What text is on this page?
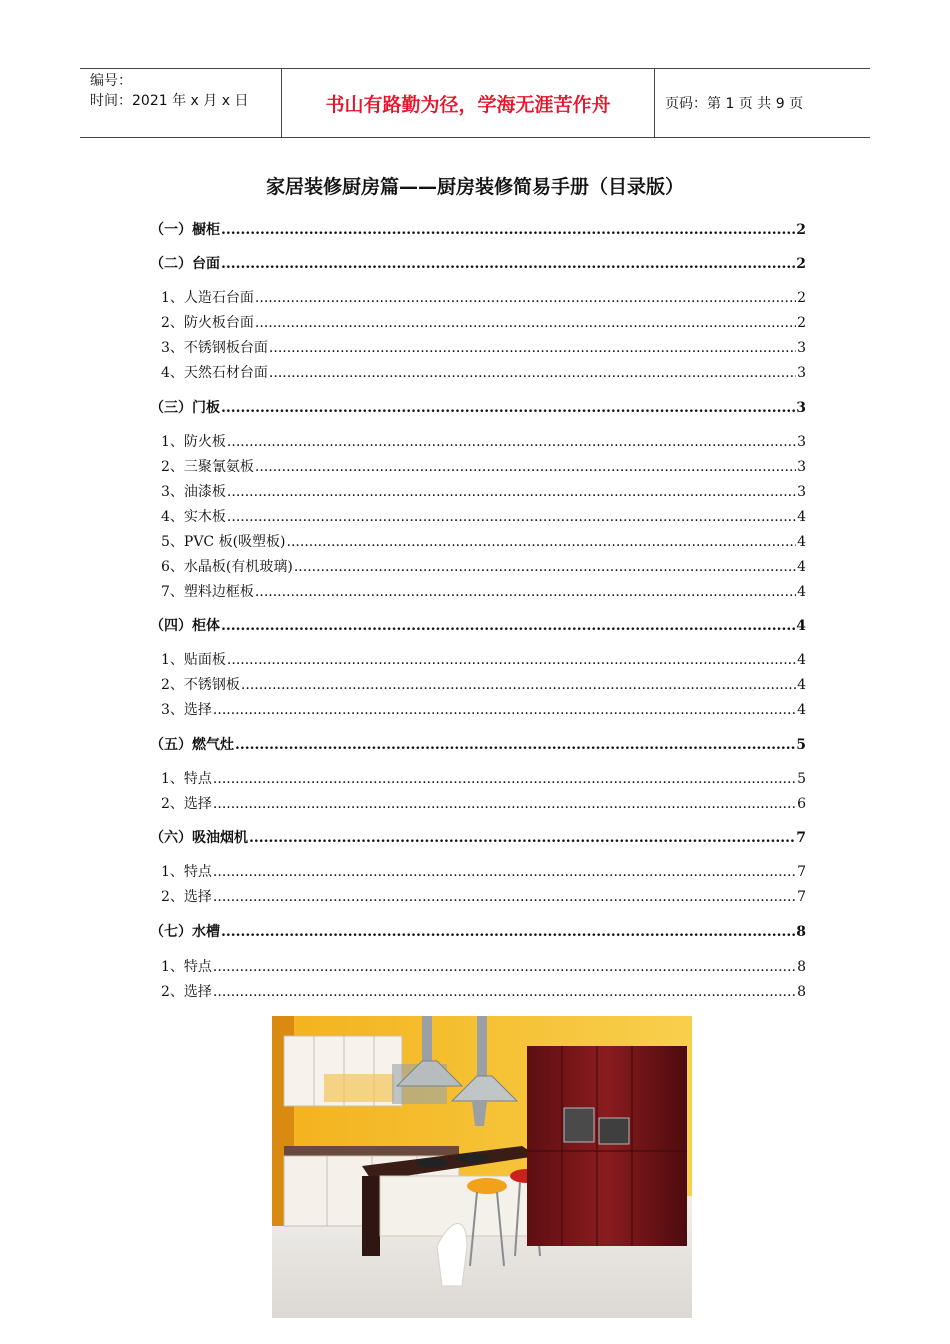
编号：
时间：2021 年 x 月 x 日	书山有路勤为径，学海无涯苦作舟	页码：第 1 页 共 9 页
家居装修厨房篇——厨房装修简易手册（目录版）
（一）橱柜 .....	2
（二）台面 .....	2
1、人造石台面 .....	2
2、防火板台面 .....	2
3、不锈钢板台面 .....	3
4、天然石材台面 .....	3
（三）门板 .....	3
1、防火板 .....	3
2、三聚氰氨板 .....	3
3、油漆板 .....	3
4、实木板 .....	4
5、PVC 板(吸塑板) .....	4
6、水晶板(有机玻璃) .....	4
7、塑料边框板 .....	4
（四）柜体 .....	4
1、贴面板 .....	4
2、不锈钢板 .....	4
3、选择 .....	4
（五）燃气灶 .....	5
1、特点 .....	5
2、选择 .....	6
（六）吸油烟机 .....	7
1、特点 .....	7
2、选择 .....	7
（七）水槽 .....	8
1、特点 .....	8
2、选择 .....	8
